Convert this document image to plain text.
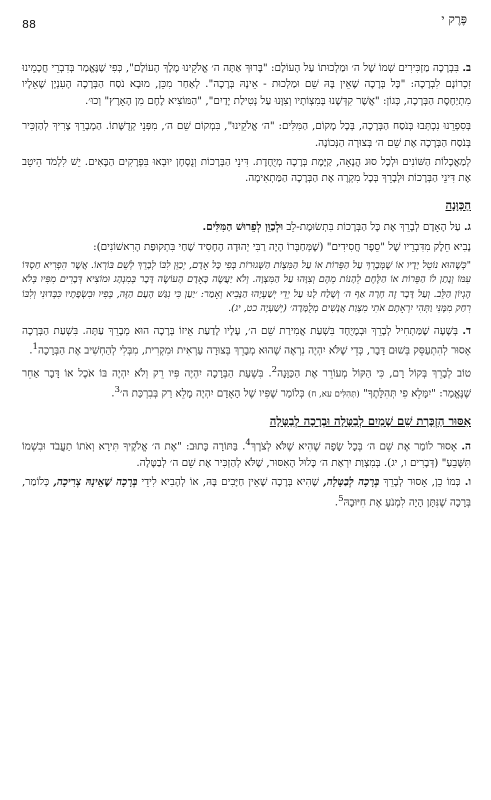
פֶּרֶק י
88

ב. בִּבְרָכָה מַזְכִּירִים שְׁמוֹ שֶׁל ה׳ וּמַלְכוּתוֹ עַל הָעוֹלָם: "בָּרוּךְ אַתָּה ה׳ אֱלֹקֵינוּ מֶלֶךְ הָעוֹלָם", כְּפִי שֶׁנֶּאֱמַר בְּדִבְרֵי חֲכָמֵינוּ זִכְרוֹנָם לִבְרָכָה: "כָּל בְּרָכָה שֶׁאֵין בָּהּ שֵׁם וּמַלְכוּת - אֵינָהּ בְּרָכָה". לְאַחַר מִכֵּן, מוּבָא נֹסַח הַבְּרָכָה הָעִנְיָן שֶׁאֵלָיו מִתְיַחֶסֶת הַבְּרָכָה, כְּגוֹן: "אֲשֶׁר קִדְּשָׁנוּ בְּמִצְוֹתָיו וְצִוָּנוּ עַל נְטִילַת יָדַיִם", "הַמּוֹצִיא לֶחֶם מִן הָאָרֶץ" וְכוּ׳.

בְּסִפְרֵנוּ נִכְתְּבוּ בְּנֹסַח הַבְּרָכָה, בְּכָל מָקוֹם, הַמִּלִּים: "ה׳ אֱלֹקֵינוּ", בִּמְקוֹם שֵׁם ה׳, מִפְּנֵי קְדֻשָּׁתוֹ. הַמְבָרֵךְ צָרִיךְ לְהַזְכִּיר בְּנֹסַח הַבְּרָכָה אֶת שֵׁם ה׳ בְּצוּרָה הַנְּכוֹנָה.

לְמַאֲכָלוֹת הַשּׁוֹנִים וּלְכָל סוּג הֲנָאָה, קַיֶּמֶת בְּרָכָה מְיֻחֶדֶת. דִּינֵי הַבְּרָכוֹת וְנֻסְחָן יוּבְאוּ בִּפְרָקִים הַבָּאִים. יֵשׁ לִלְמֹד הֵיטֵב אֶת דִּינֵי הַבְּרָכוֹת וּלְבָרֵךְ בְּכָל מִקְרֶה אֶת הַבְּרָכָה הַמַּתְאִימָה.

הַכַּוָּנָה

ג. עַל הָאָדָם לְבָרֵךְ אֶת כָּל הַבְּרָכוֹת בִּתְשׂוּמֶת-לֵב וּלְכַוֵּן לְפֵרוּשׁ הַמִּלִּים.

נָבִיא חֵלֶק מִדִּבְרֵיו שֶׁל "סֵפֶר חֲסִידִים" (שֶׁמְּחַבְּרוֹ הָיָה רַבִּי יְהוּדָה הֶחָסִיד שֶׁחַי בִּתְקוּפַת הָרִאשׁוֹנִים):

"כְּשֶׁהוּא נוֹטֵל יָדָיו אוֹ שֶׁמְּבָרֵךְ עַל הַפֵּרוֹת אוֹ עַל הַמִּצְוֹת הַשְּׁגוּרוֹת בְּפִי כָּל אָדָם, יְכַוֵּן לִבּוֹ לְבָרֵךְ לְשֵׁם בּוֹרְאוֹ. אֲשֶׁר הִפְרִיא חַסְדּוֹ עִמּוֹ וְנָתַן לוֹ הַפֵּרוֹת אוֹ הַלֶּחֶם לֵהָנוֹת מֵהֶם וְצִוָּהוּ עַל הַמִּצְוָה. וְלֹא יַעֲשֶׂה כָּאָדָם הָעוֹשֶׂה דָּבָר בְּמִנְהָג וּמוֹצִיא דְּבָרִים מִפִּיו בְּלֹא הֶגְיוֹן הַלֵּב. וְעַל דָּבָר זֶה חָרָה אַף ה׳ וְשָׁלַח לָנוּ עַל יְדֵי יְשַׁעְיָהוּ הַנָּבִיא וְאָמַר: ׳יַעַן כִּי נִגַּשׁ הָעָם הַזֶּה, בְּפִיו וּבִשְׂפָתָיו כִּבְּדוּנִי וְלִבּוֹ רִחַק מִמֶּנִּי וַתְּהִי יִרְאָתָם אֹתִי מִצְוַת אֲנָשִׁים מְלֻמָּדָה׳ (יְשַׁעְיָה כט, יג).

ד. בְּשָׁעָה שֶׁמַּתְחִיל לְבָרֵךְ וּבְמֶיֻחָד בִּשְׁעַת אֲמִירַת שֵׁם ה׳, עָלָיו לָדַעַת אֵיזוֹ בְּרָכָה הוּא מְבָרֵךְ עַתָּה. בִּשְׁעַת הַבְּרָכָה אָסוּר לְהִתְעַסֵּק בְּשׁוּם דָּבָר, כְּדֵי שֶׁלֹּא יִהְיֶה נִרְאֶה שֶׁהוּא מְבָרֵךְ בְּצוּרָה עַרְאִית וּמִקְרִית, מִבְּלִי לְהַחְשִׁיב אֶת הַבְּרָכָה$^1$.

טוֹב לְבָרֵךְ בְּקוֹל רָם, כִּי הַקּוֹל מְעוֹרֵר אֶת הַכַּוָּנָה$^2$. בִּשְׁעַת הַבְּרָכָה יִהְיֶה פִּיו רֵק וְלֹא יִהְיֶה בּוֹ אֹכֶל אוֹ דָּבָר אַחֵר שֶׁנֶּאֱמַר: "יִמָּלֵא פִי תְּהִלָּתֶךָ" (תְּהִלִּים עא, ח) כְּלוֹמַר שֶׁפִּיו שֶׁל הָאָדָם יִהְיֶה מָלֵא רַק בְּבִרְכַּת ה׳$^3$.

אִסּוּר הַזְכָּרַת שֵׁם שָׁמַיִם לְבַטָּלָה וּבְרָכָה לְבַטָּלָה

ה. אָסוּר לוֹמַר אֶת שֵׁם ה׳ בְּכָל שָׂפָה שֶׁהִיא שֶׁלֹּא לְצֹרֶךְ$^4$. בַּתּוֹרָה כָּתוּב: "אֶת ה׳ אֱלֹקֶיךָ תִּירָא וְאֹתוֹ תַעֲבֹד וּבִשְׁמוֹ תִּשָּׁבֵעַ" (דְּבָרִים ו, יג). בְּמִצְוַת יִרְאַת ה׳ כָּלוּל הָאִסּוּר, שֶׁלֹּא לְהַזְכִּיר אֶת שֵׁם ה׳ לְבַטָּלָה.

ו. כְּמוֹ כֵן, אָסוּר לְבָרֵךְ בְּרָכָה לְבַטָּלָה, שֶׁהִיא בְּרָכָה שֶׁאֵין חַיָּבִים בָּהּ, אוֹ לְהָבִיא לִידֵי בְּרָכָה שֶׁאֵינָהּ צְרִיכָה, כְּלוֹמַר, בְּרָכָה שֶׁנִּתָּן הָיָה לִמְנֹעַ אֶת חִיּוּבָהּ$^5$.
